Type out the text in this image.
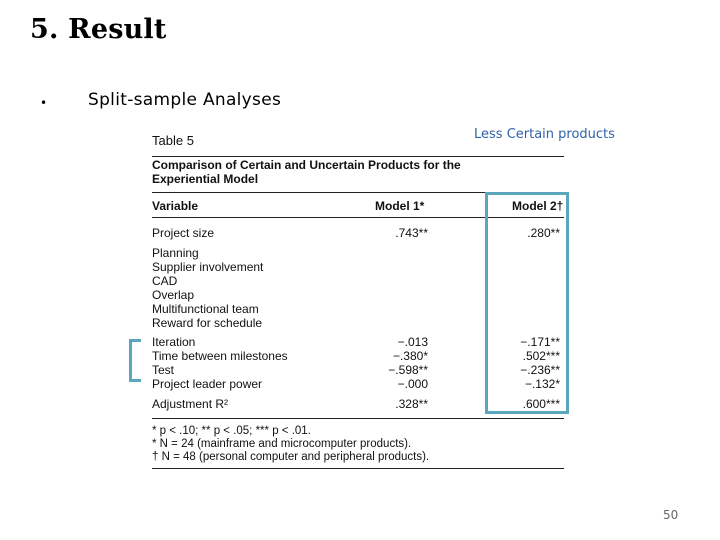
5. Result
• Split-sample Analyses
Less Certain products
Table 5
Comparison of Certain and Uncertain Products for the Experiential Model
Variable	Model 1*	Model 2†
Project size	.743**	.280**
Planning
Supplier involvement
CAD
Overlap
Multifunctional team
Reward for schedule
Iteration	−.013	−.171**
Time between milestones	−.380*	.502***
Test	−.598**	−.236**
Project leader power	−.000	−.132*
Adjustment R²	.328**	.600***
* p < .10; ** p < .05; *** p < .01.
* N = 24 (mainframe and microcomputer products).
† N = 48 (personal computer and peripheral products).
50
